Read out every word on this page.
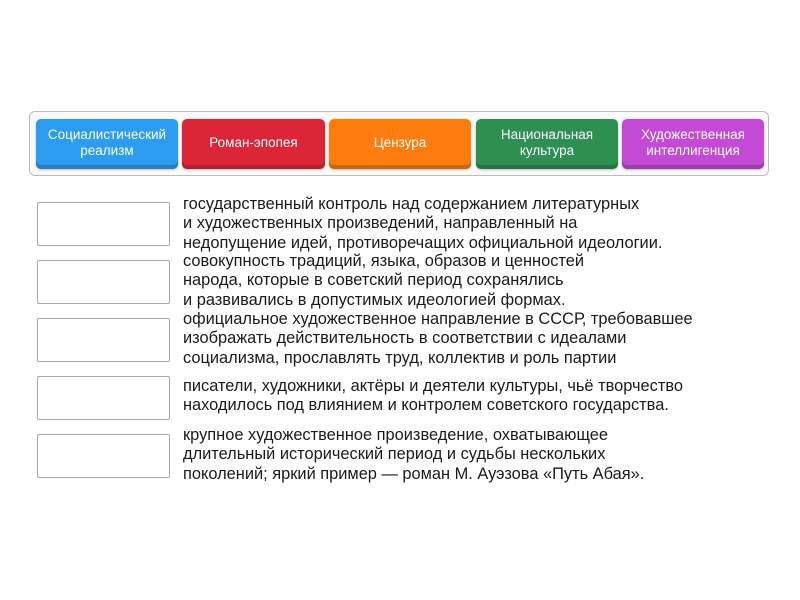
Социалистический
реализм
Роман-эпопея	Цензура
Национальная
культура
Художественная
интеллигенция
государственный контроль над содержанием литературных
и художественных произведений, направленный на
недопущение идей, противоречащих официальной идеологии.
совокупность традиций, языка, образов и ценностей
народа, которые в советский период сохранялись
и развивались в допустимых идеологией формах.
официальное художественное направление в СССР, требовавшее
изображать действительность в соответствии с идеалами
социализма, прославлять труд, коллектив и роль партии
писатели, художники, актёры и деятели культуры, чьё творчество
находилось под влиянием и контролем советского государства.
крупное художественное произведение, охватывающее
длительный исторический период и судьбы нескольких
поколений; яркий пример — роман М. Ауэзова «Путь Абая».
